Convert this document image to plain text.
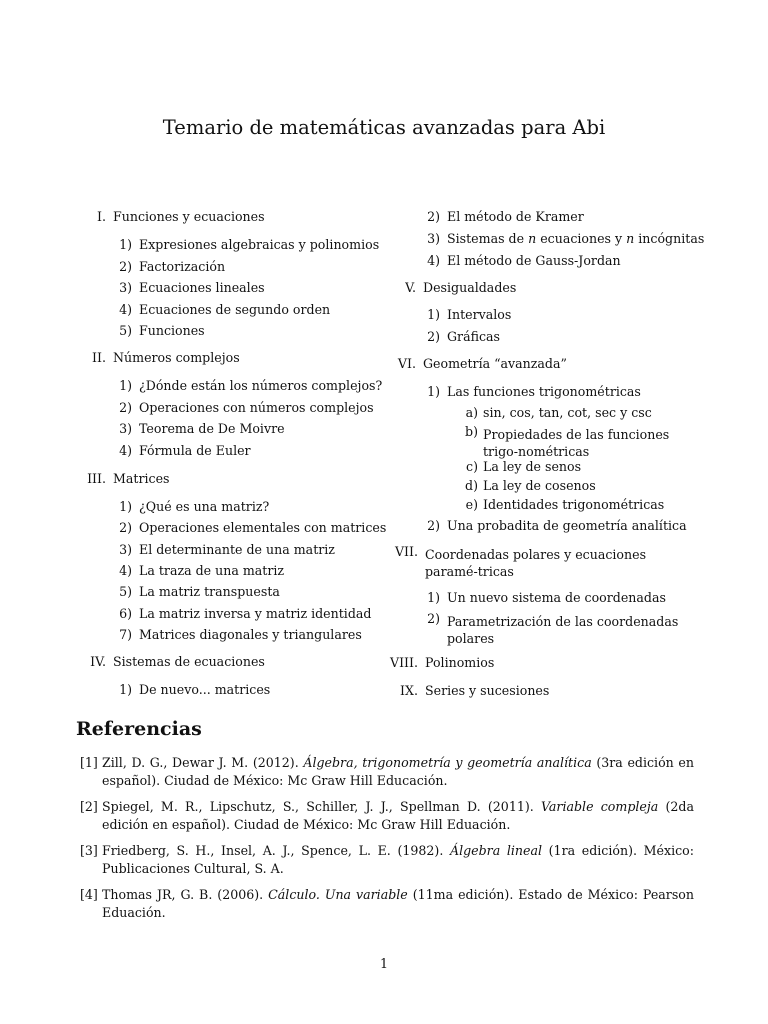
Temario de matemáticas avanzadas para Abi
I. Funciones y ecuaciones
1) Expresiones algebraicas y polinomios
2) Factorización
3) Ecuaciones lineales
4) Ecuaciones de segundo orden
5) Funciones
II. Números complejos
1) ¿Dónde están los números complejos?
2) Operaciones con números complejos
3) Teorema de De Moivre
4) Fórmula de Euler
III. Matrices
1) ¿Qué es una matriz?
2) Operaciones elementales con matrices
3) El determinante de una matriz
4) La traza de una matriz
5) La matriz transpuesta
6) La matriz inversa y matriz identidad
7) Matrices diagonales y triangulares
IV. Sistemas de ecuaciones
1) De nuevo... matrices
2) El método de Kramer
3) Sistemas de n ecuaciones y n incógnitas
4) El método de Gauss-Jordan
V. Desigualdades
1) Intervalos
2) Gráficas
VI. Geometría “avanzada”
1) Las funciones trigonométricas
a) sin, cos, tan, cot, sec y csc
b) Propiedades de las funciones trigo-nométricas
c) La ley de senos
d) La ley de cosenos
e) Identidades trigonométricas
2) Una probadita de geometría analítica
VII. Coordenadas polares y ecuaciones paramé-tricas
1) Un nuevo sistema de coordenadas
2) Parametrización de las coordenadas polares
VIII. Polinomios
IX. Series y sucesiones
Referencias
[1] Zill, D. G., Dewar J. M. (2012). Álgebra, trigonometría y geometría analítica (3ra edición en español). Ciudad de México: Mc Graw Hill Educación.
[2] Spiegel, M. R., Lipschutz, S., Schiller, J. J., Spellman D. (2011). Variable compleja (2da edición en español). Ciudad de México: Mc Graw Hill Eduación.
[3] Friedberg, S. H., Insel, A. J., Spence, L. E. (1982). Álgebra lineal (1ra edición). México: Publicaciones Cultural, S. A.
[4] Thomas JR, G. B. (2006). Cálculo. Una variable (11ma edición). Estado de México: Pearson Eduación.
1
